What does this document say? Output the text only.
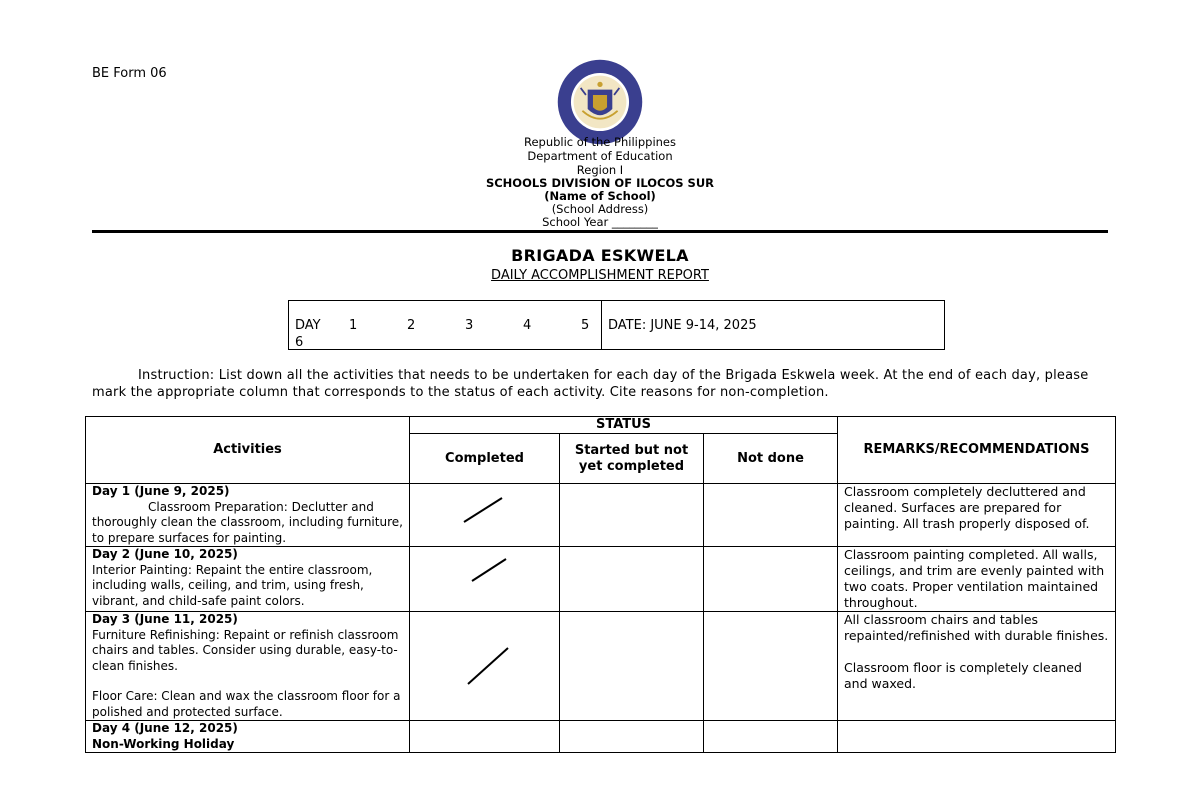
BE Form 06
Republic of the Philippines
Department of Education
Region I
SCHOOLS DIVISION OF ILOCOS SUR
(Name of School)
(School Address)
School Year ________
BRIGADA ESKWELA
DAILY ACCOMPLISHMENT REPORT
DAY 1	2	3	4	5
6
DATE: JUNE 9-14, 2025
Instruction: List down all the activities that needs to be undertaken for each day of the Brigada Eskwela week. At the end of each day, please mark the appropriate column that corresponds to the status of each activity. Cite reasons for non-completion.
Activities	STATUS			REMARKS/RECOMMENDATIONS
	Completed	Started but not yet completed	Not done	

Day 1 (June 9, 2025)
Classroom Preparation: Declutter and thoroughly clean the classroom, including furniture, to prepare surfaces for painting.				Classroom completely decluttered and cleaned. Surfaces are prepared for painting. All trash properly disposed of.

Day 2 (June 10, 2025)
Interior Painting: Repaint the entire classroom, including walls, ceiling, and trim, using fresh, vibrant, and child-safe paint colors.				Classroom painting completed. All walls, ceilings, and trim are evenly painted with two coats. Proper ventilation maintained throughout.

Day 3 (June 11, 2025)
Furniture Refinishing: Repaint or refinish classroom chairs and tables. Consider using durable, easy-to-clean finishes.
Floor Care: Clean and wax the classroom floor for a polished and protected surface.				All classroom chairs and tables repainted/refinished with durable finishes.
Classroom floor is completely cleaned and waxed.

Day 4 (June 12, 2025)
Non-Working Holiday				
